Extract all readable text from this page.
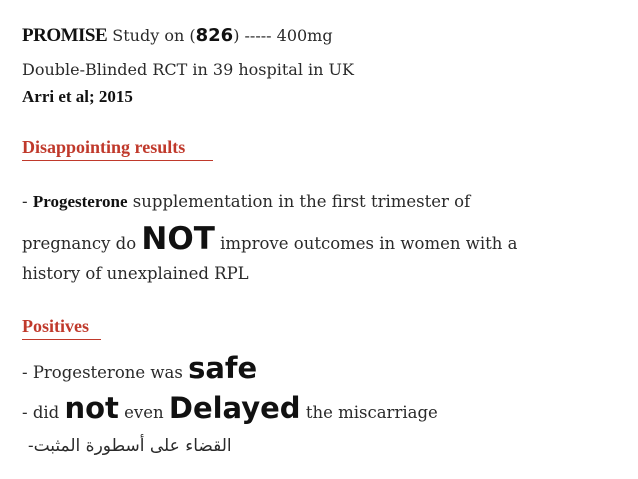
PROMISE Study on (826) ----- 400mg
Double-Blinded RCT in 39 hospital in UK
Arri et al; 2015
Disappointing results
- Progesterone supplementation in the first trimester of
pregnancy do NOT improve outcomes in women with a
history of unexplained RPL
Positives
- Progesterone was safe
- did not even Delayed the miscarriage
-القضاء على أسطورة المثبت
